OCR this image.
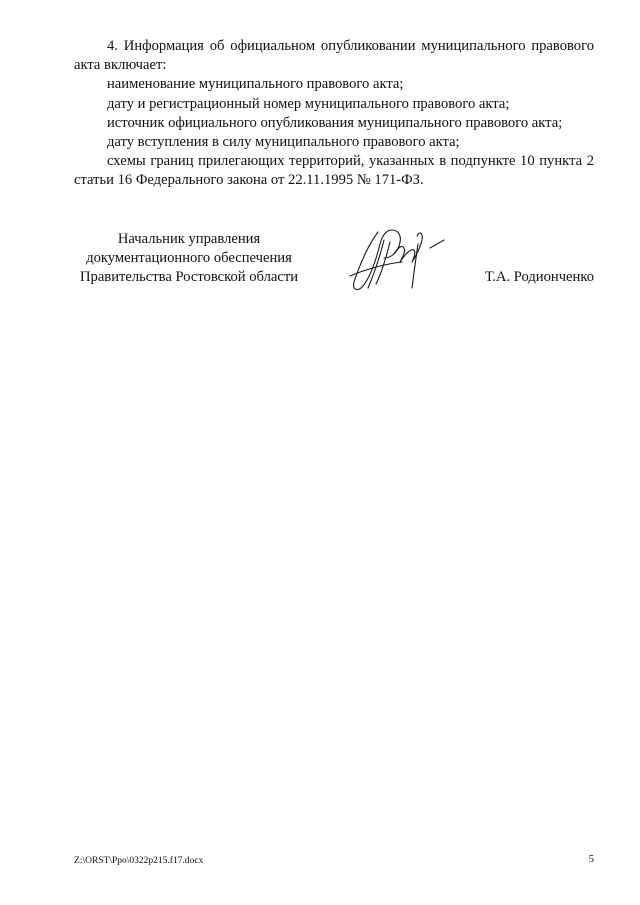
4. Информация об официальном опубликовании муниципального правового акта включает:

наименование муниципального правового акта;

дату и регистрационный номер муниципального правового акта;

источник официального опубликования муниципального правового акта;

дату вступления в силу муниципального правового акта;

схемы границ прилегающих территорий, указанных в подпункте 10 пункта 2 статьи 16 Федерального закона от 22.11.1995 № 171-ФЗ.

Начальник управления
документационного обеспечения
Правительства Ростовской области	Т.А. Родионченко
Z:\ORST\Ppo\0322p215.f17.docx	5
